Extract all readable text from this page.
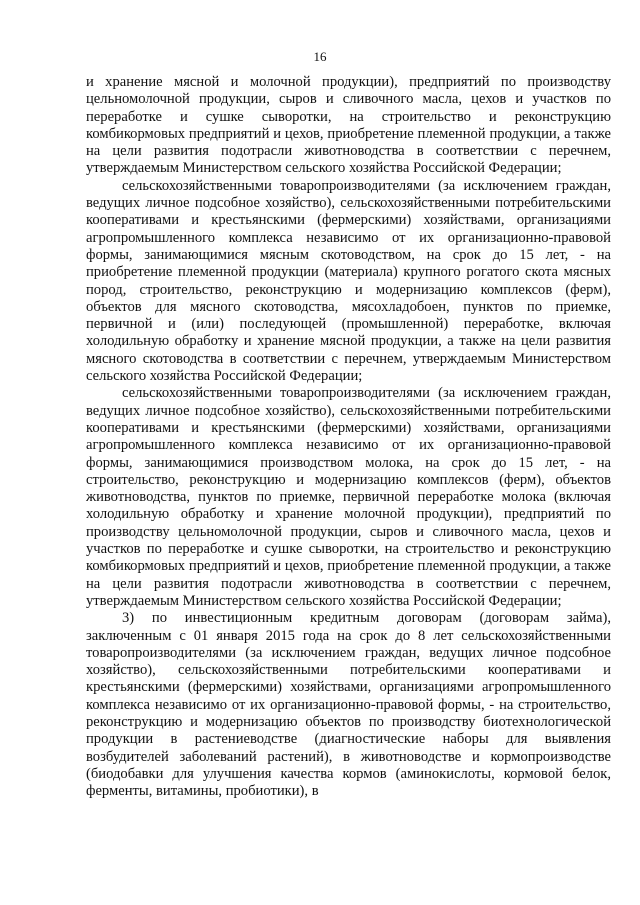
16

и хранение мясной и молочной продукции), предприятий по производству цельномолочной продукции, сыров и сливочного масла, цехов и участков по переработке и сушке сыворотки, на строительство и реконструкцию комбикормовых предприятий и цехов, приобретение племенной продукции, а также на цели развития подотрасли животноводства в соответствии с перечнем, утверждаемым Министерством сельского хозяйства Российской Федерации;

сельскохозяйственными товаропроизводителями (за исключением граждан, ведущих личное подсобное хозяйство), сельскохозяйственными потребительскими кооперативами и крестьянскими (фермерскими) хозяйствами, организациями агропромышленного комплекса независимо от их организационно-правовой формы, занимающимися мясным скотоводством, на срок до 15 лет, - на приобретение племенной продукции (материала) крупного рогатого скота мясных пород, строительство, реконструкцию и модернизацию комплексов (ферм), объектов для мясного скотоводства, мясохладобоен, пунктов по приемке, первичной и (или) последующей (промышленной) переработке, включая холодильную обработку и хранение мясной продукции, а также на цели развития мясного скотоводства в соответствии с перечнем, утверждаемым Министерством сельского хозяйства Российской Федерации;

сельскохозяйственными товаропроизводителями (за исключением граждан, ведущих личное подсобное хозяйство), сельскохозяйственными потребительскими кооперативами и крестьянскими (фермерскими) хозяйствами, организациями агропромышленного комплекса независимо от их организационно-правовой формы, занимающимися производством молока, на срок до 15 лет, - на строительство, реконструкцию и модернизацию комплексов (ферм), объектов животноводства, пунктов по приемке, первичной переработке молока (включая холодильную обработку и хранение молочной продукции), предприятий по производству цельномолочной продукции, сыров и сливочного масла, цехов и участков по переработке и сушке сыворотки, на строительство и реконструкцию комбикормовых предприятий и цехов, приобретение племенной продукции, а также на цели развития подотрасли животноводства в соответствии с перечнем, утверждаемым Министерством сельского хозяйства Российской Федерации;

3) по инвестиционным кредитным договорам (договорам займа), заключенным с 01 января 2015 года на срок до 8 лет сельскохозяйственными товаропроизводителями (за исключением граждан, ведущих личное подсобное хозяйство), сельскохозяйственными потребительскими кооперативами и крестьянскими (фермерскими) хозяйствами, организациями агропромышленного комплекса независимо от их организационно-правовой формы, - на строительство, реконструкцию и модернизацию объектов по производству биотехнологической продукции в растениеводстве (диагностические наборы для выявления возбудителей заболеваний растений), в животноводстве и кормопроизводстве (биодобавки для улучшения качества кормов (аминокислоты, кормовой белок, ферменты, витамины, пробиотики), в
